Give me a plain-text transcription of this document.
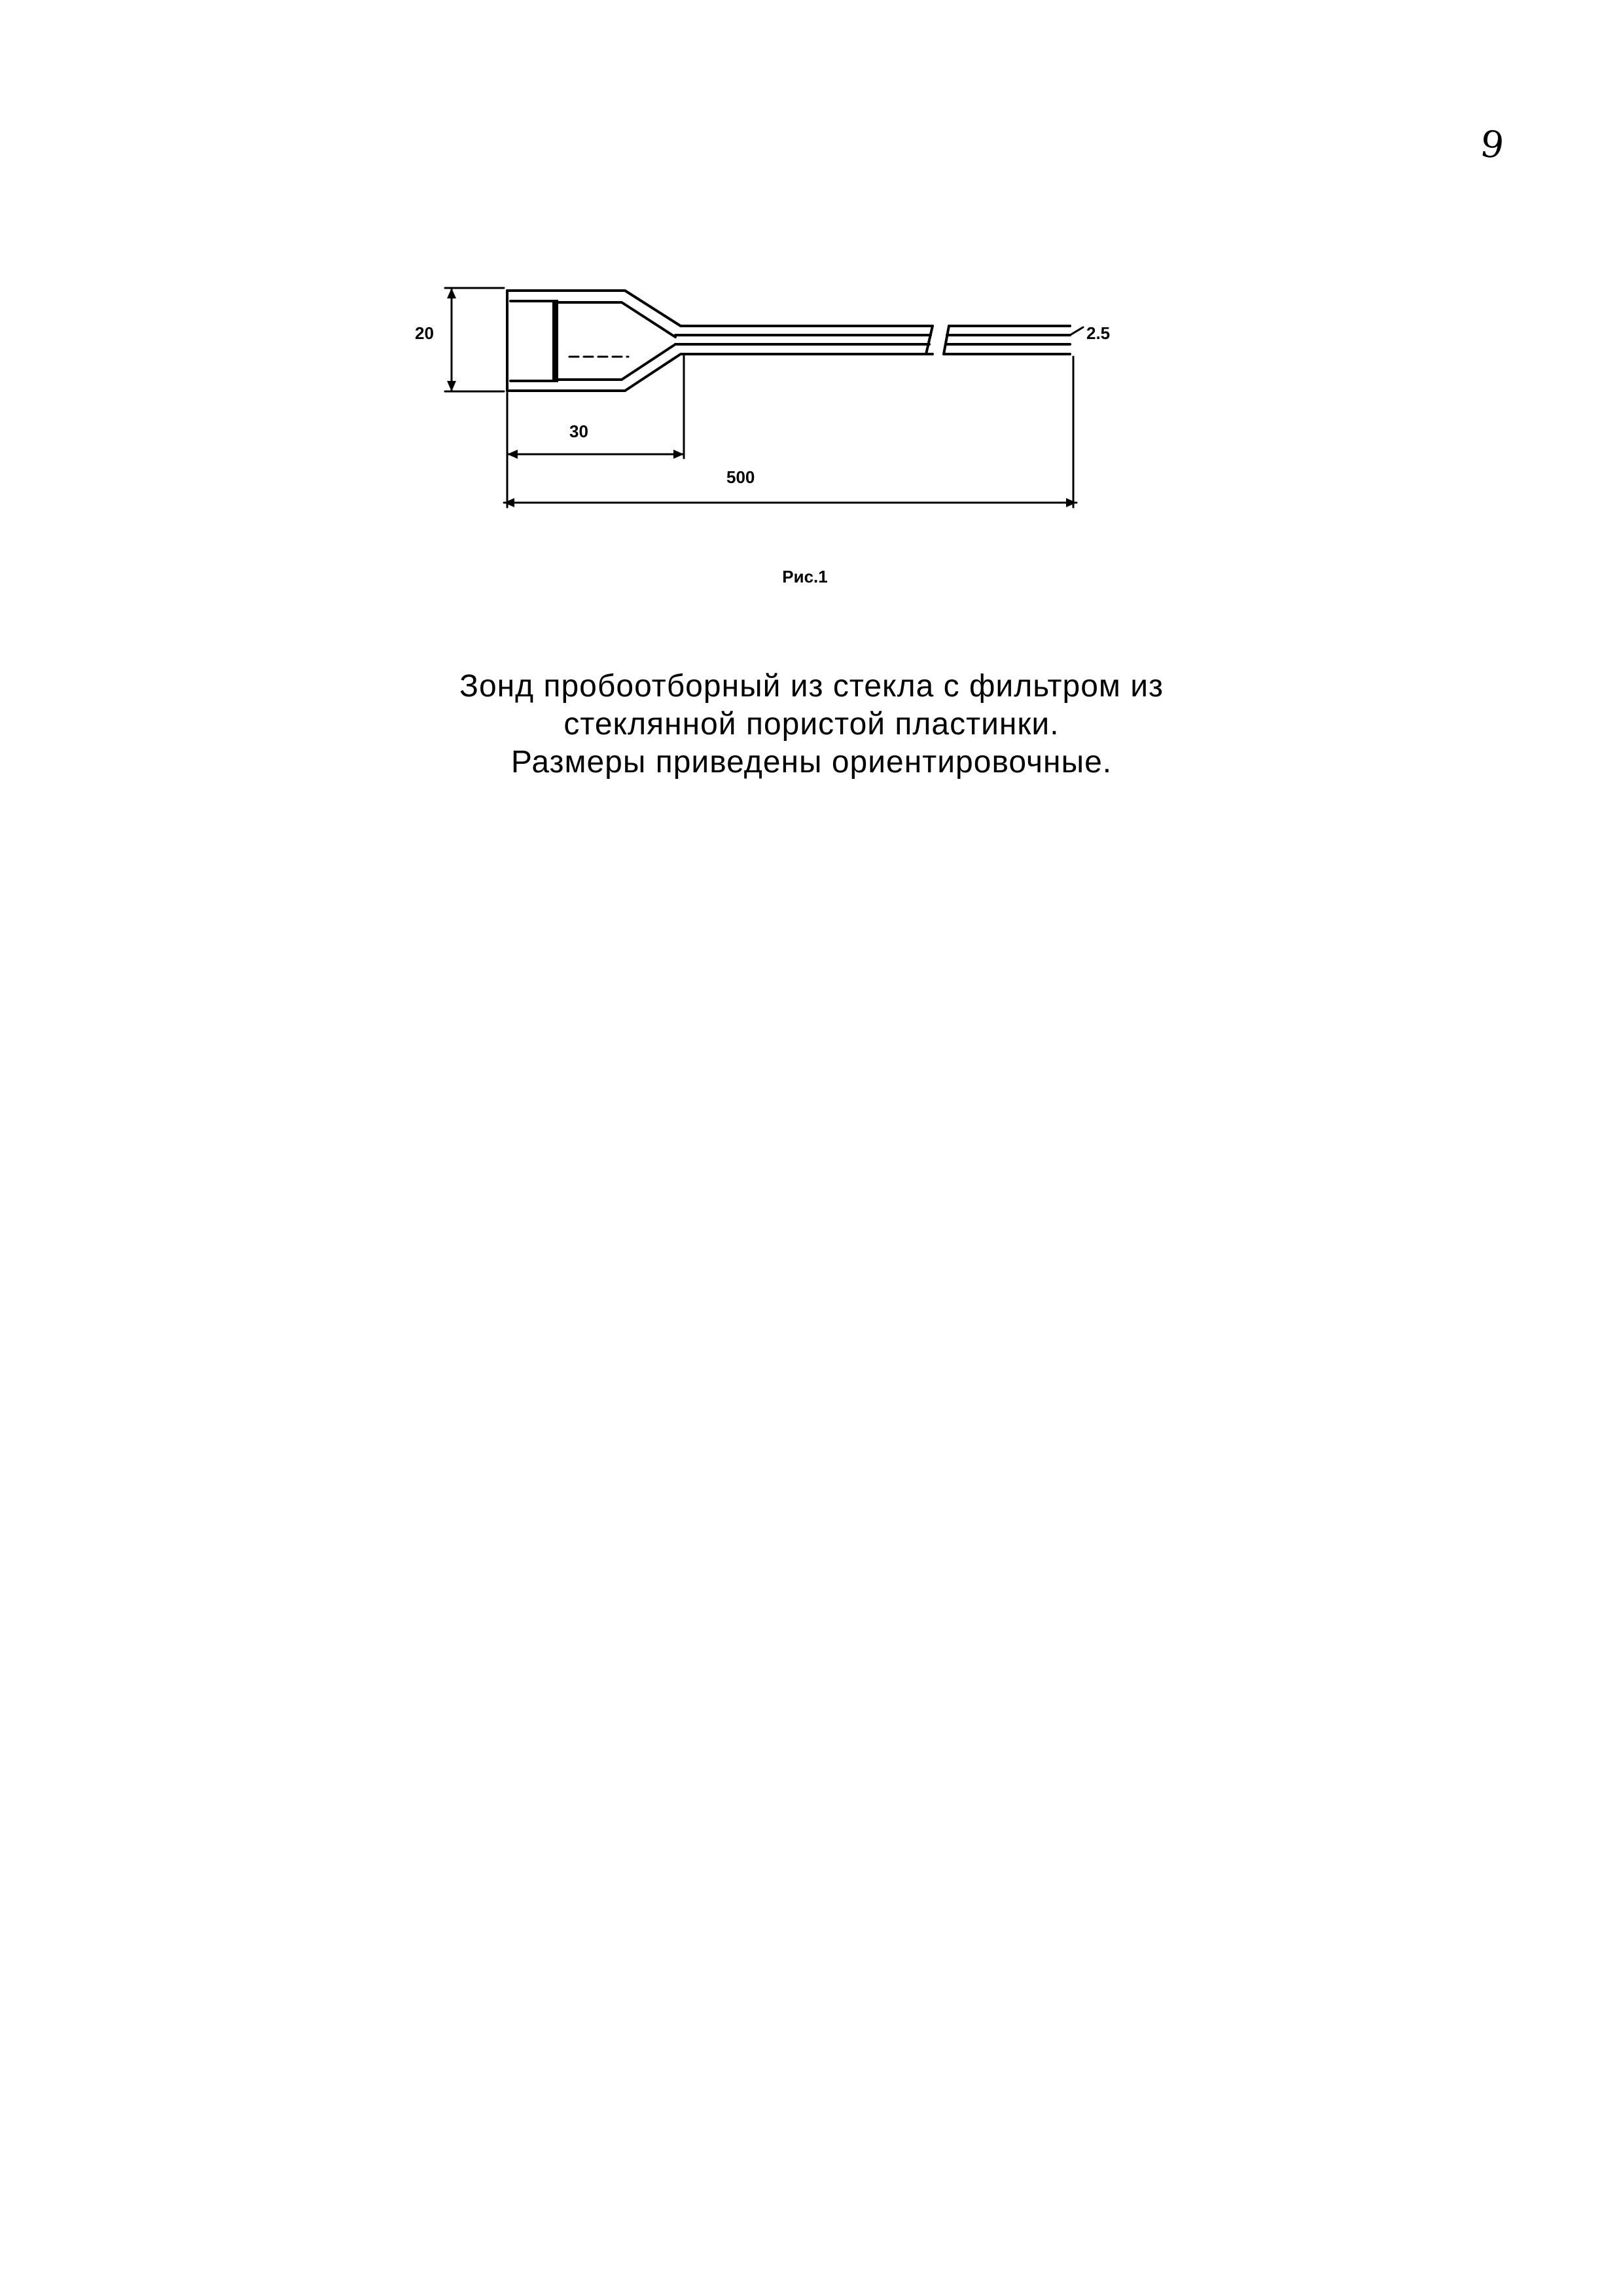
9
20
30
500
2.5
Рис.1
Зонд пробоотборный из стекла с фильтром из
стеклянной пористой пластинки.
Размеры приведены ориентировочные.
